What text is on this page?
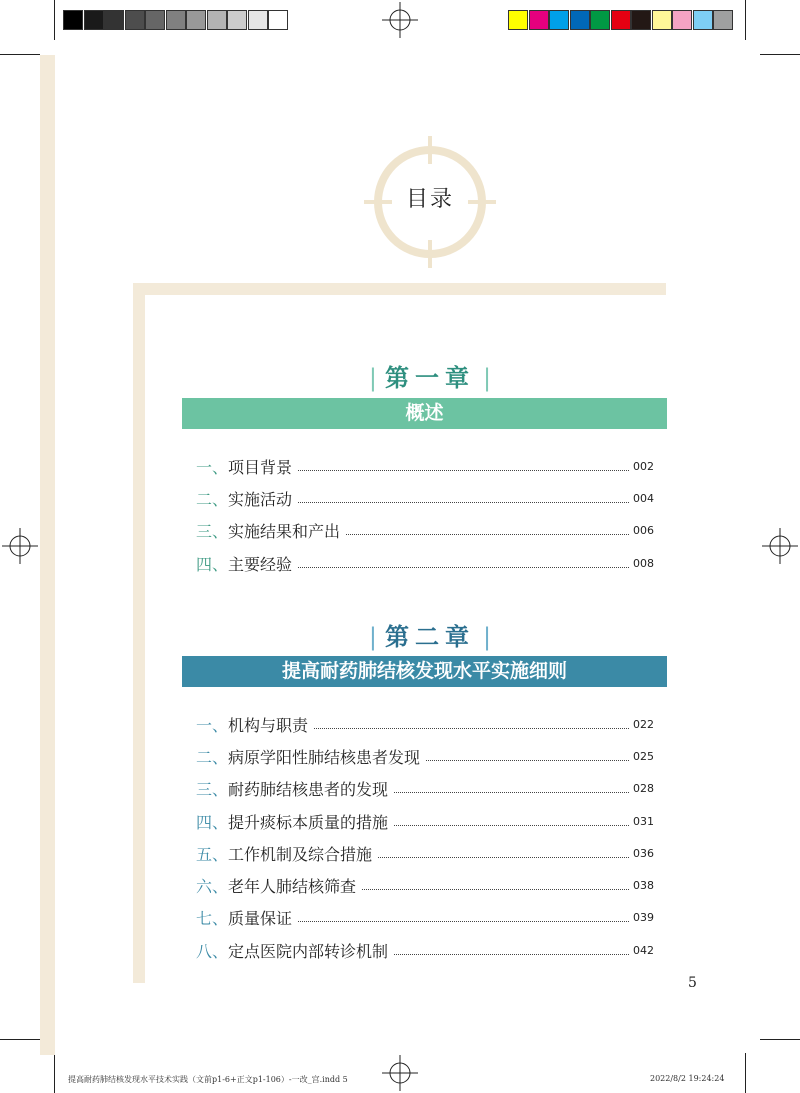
目录
| 第一章 |
概述
一、 项目背景	002
二、 实施活动	004
三、 实施结果和产出	006
四、 主要经验	008
| 第二章 |
提高耐药肺结核发现水平实施细则
一、 机构与职责	022
二、 病原学阳性肺结核患者发现	025
三、 耐药肺结核患者的发现	028
四、 提升痰标本质量的措施	031
五、 工作机制及综合措施	036
六、 老年人肺结核筛查	038
七、 质量保证	039
八、 定点医院内部转诊机制	042
5
提高耐药肺结核发现水平技术实践（文前p1-6+正文p1-106）-一改_宫.indd 5	2022/8/2 19:24:24
